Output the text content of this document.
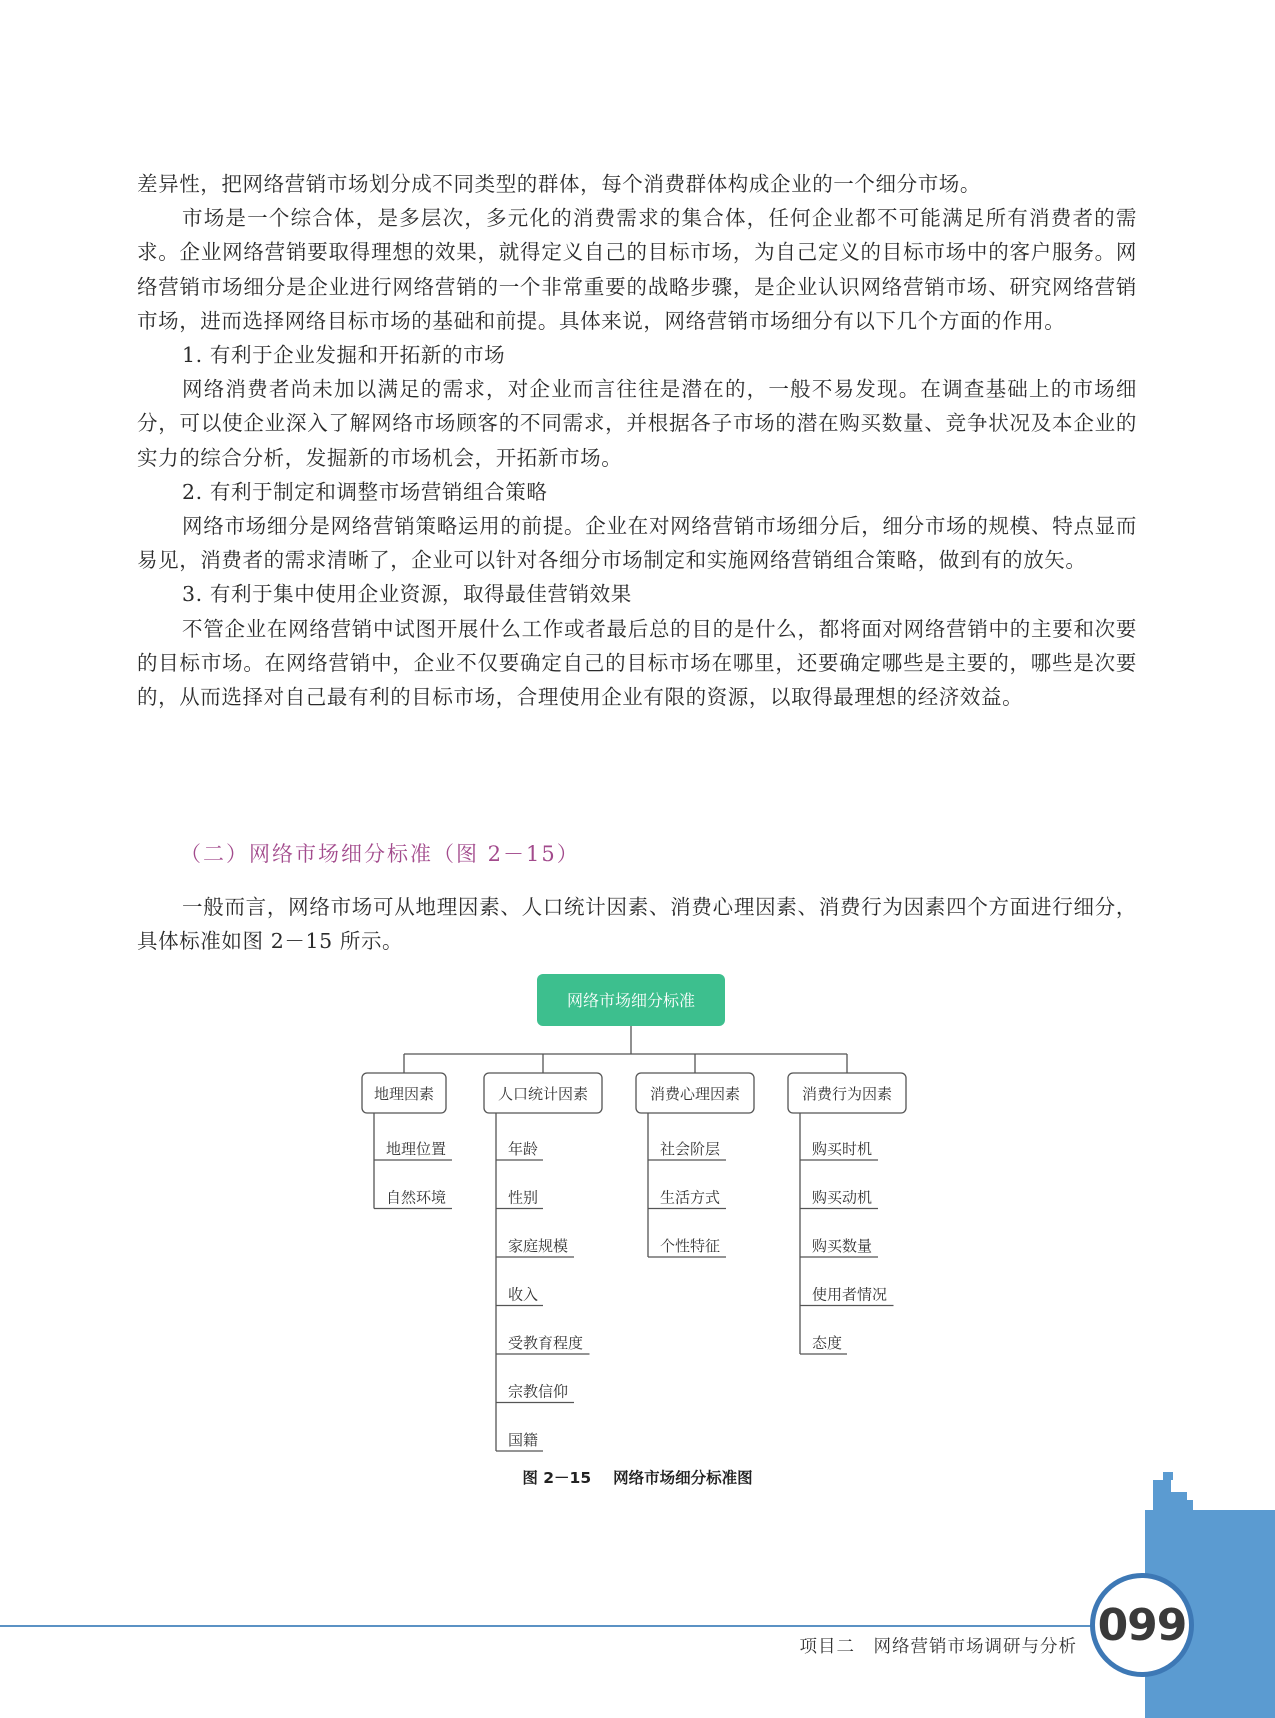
差异性，把网络营销市场划分成不同类型的群体，每个消费群体构成企业的一个细分市场。

市场是一个综合体，是多层次，多元化的消费需求的集合体，任何企业都不可能满足所有消费者的需求。企业网络营销要取得理想的效果，就得定义自己的目标市场，为自己定义的目标市场中的客户服务。网络营销市场细分是企业进行网络营销的一个非常重要的战略步骤，是企业认识网络营销市场、研究网络营销市场，进而选择网络目标市场的基础和前提。具体来说，网络营销市场细分有以下几个方面的作用。

1. 有利于企业发掘和开拓新的市场

网络消费者尚未加以满足的需求，对企业而言往往是潜在的，一般不易发现。在调查基础上的市场细分，可以使企业深入了解网络市场顾客的不同需求，并根据各子市场的潜在购买数量、竞争状况及本企业的实力的综合分析，发掘新的市场机会，开拓新市场。

2. 有利于制定和调整市场营销组合策略

网络市场细分是网络营销策略运用的前提。企业在对网络营销市场细分后，细分市场的规模、特点显而易见，消费者的需求清晰了，企业可以针对各细分市场制定和实施网络营销组合策略，做到有的放矢。

3. 有利于集中使用企业资源，取得最佳营销效果

不管企业在网络营销中试图开展什么工作或者最后总的目的是什么，都将面对网络营销中的主要和次要的目标市场。在网络营销中，企业不仅要确定自己的目标市场在哪里，还要确定哪些是主要的，哪些是次要的，从而选择对自己最有利的目标市场，合理使用企业有限的资源，以取得最理想的经济效益。

（二）网络市场细分标准（图 2－15）

一般而言，网络市场可从地理因素、人口统计因素、消费心理因素、消费行为因素四个方面进行细分，具体标准如图 2－15 所示。

网络市场细分标准
地理因素
地理位置
自然环境
人口统计因素
年龄
性别
家庭规模
收入
受教育程度
宗教信仰
国籍
消费心理因素
社会阶层
生活方式
个性特征
消费行为因素
购买时机
购买动机
购买数量
使用者情况
态度
图 2－15 网络市场细分标准图
项目二　网络营销市场调研与分析 099
